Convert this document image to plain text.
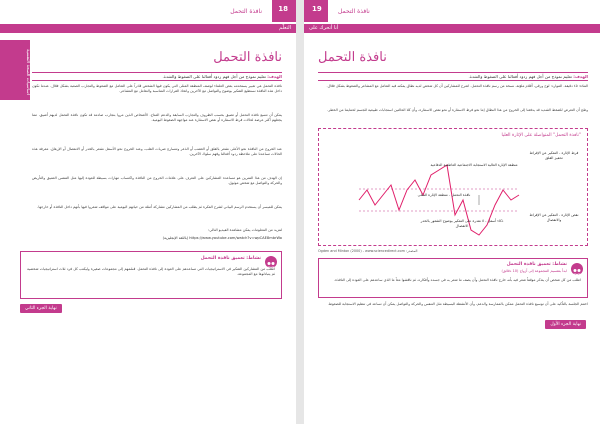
18
نافذة التحمل
التعلّم
أساسيات الصحة النفسية	نافذة التحمل
الهدف: تعليم نموذج من أجل فهم ردود أفعالنا على الضغوط والشدة.

نافذة التحمل هي تعبير يستخدمه بعض العلماء لوصف المنطقة المثلى التي يكون فيها الشخص قادراً على التعامل مع الضغوط والتجارب الصعبة بشكل فعّال. عندما نكون داخل هذه النافذة نستطيع التفكير بوضوح والتواصل مع الآخرين واتخاذ القرارات المناسبة والتعامل مع المشاعر.

يمكن أن تتسع نافذة التحمل أو تضيق بحسب الظروف والتجارب السابقة والدعم المتاح. الأشخاص الذين مروا بتجارب صادمة قد تكون نافذة التحمل لديهم أضيق، مما يجعلهم أكثر عرضة لحالات فرط الاستثارة أو نقص الاستثارة عند مواجهة الضغوط اليومية.

عند الخروج من النافذة نحو الأعلى نشعر بالقلق أو الغضب أو الذعر وتتسارع ضربات القلب، وعند الخروج نحو الأسفل نشعر بالخدر أو الانفصال أو الإرهاق. معرفة هذه الحالات تساعدنا على ملاحظة ردود أفعالنا وفهم سلوك الآخرين.

إن الهدف من هذا التمرين هو مساعدة المشاركين على التعرف على علامات الخروج من النافذة واكتساب مهارات بسيطة للعودة إليها مثل التنفس العميق والتأريض والحركة والتواصل مع شخص موثوق.

يمكن للميسر أن يستخدم الرسم البياني لشرح الفكرة ثم يطلب من المشاركين مشاركة أمثلة من حياتهم اليومية على مواقف شعروا فيها بأنهم داخل النافذة أو خارجها.

لمزيد من المعلومات يمكن مشاهدة الفيديو التالي:

https://www.youtube.com/watch?v=wpCAE8mbrWo (باللغة الإنجليزية)
نشاط: تعميق نافذة التحمل

اطلب من المشاركين التفكير في الاستراتيجيات التي تساعدهم على العودة إلى نافذة التحمل. قسّمهم إلى مجموعات صغيرة وليكتب كل فرد ثلاث استراتيجيات شخصية ثم يتبادلوها مع المجموعة.

نهاية الجزء الثاني
19	نافذة التحمل
أنا أتحرك على
نافذة التحمل
الهدف: تعليم نموذج من أجل فهم ردود أفعالنا على الضغوط والشدة.

المدّة: ٤٥ دقيقة. الموارد: لوح ورقي، أقلام ملوّنة، نسخة من رسم نافذة التحمل. اشرح للمشاركين أن كل شخص لديه نطاق يمكنه فيه التعامل مع المشاعر والضغوط بشكل فعّال.

وضّح أن التعرض للضغط الشديد قد يدفعنا إلى الخروج من هذا النطاق إما نحو فرط الاستثارة أو نحو نقص الاستثارة، وأن كلا الحالتين استجابات طبيعية للجسم لحمايتنا من الخطر.

"نافذة التحمل" المتواصلة على الإثارة العليا
فرط الإثارة - التفكير عن الإفراط تحفيز القلق
منطقة الإثارة العالية الاستجابة الاجتماعية العاطفية الدفاعية
نافذة التحمل - منطقة الإثارة المثلى
نقص الإثارة - التفكير عن الإفراط والانفصال
ذكاء أسفل - لا نقدرة على التفكير بوضوح الشعور بالخدر الانفصال
المصدر: Ogden and Minton (2000) - www.sciencedirect.com
نشاط: تعميق نافذة التحمل
ابدأ بتقسيم المجموعة إلى أزواج (10 دقائق)

اطلب من كل شخص أن يتذكر موقفاً شعر فيه بأنه خارج نافذة التحمل وأن يصف ما شعر به في جسده وأفكاره، ثم ناقشوا معاً ما الذي ساعدهم على العودة إلى النافذة.

اختتم الجلسة بالتأكيد على أن توسيع نافذة التحمل ممكن بالممارسة والدعم، وأن الأنشطة البسيطة مثل التنفس والحركة والتواصل يمكن أن تساعد في تنظيم الاستجابة للضغوط.

نهاية الجزء الأول
